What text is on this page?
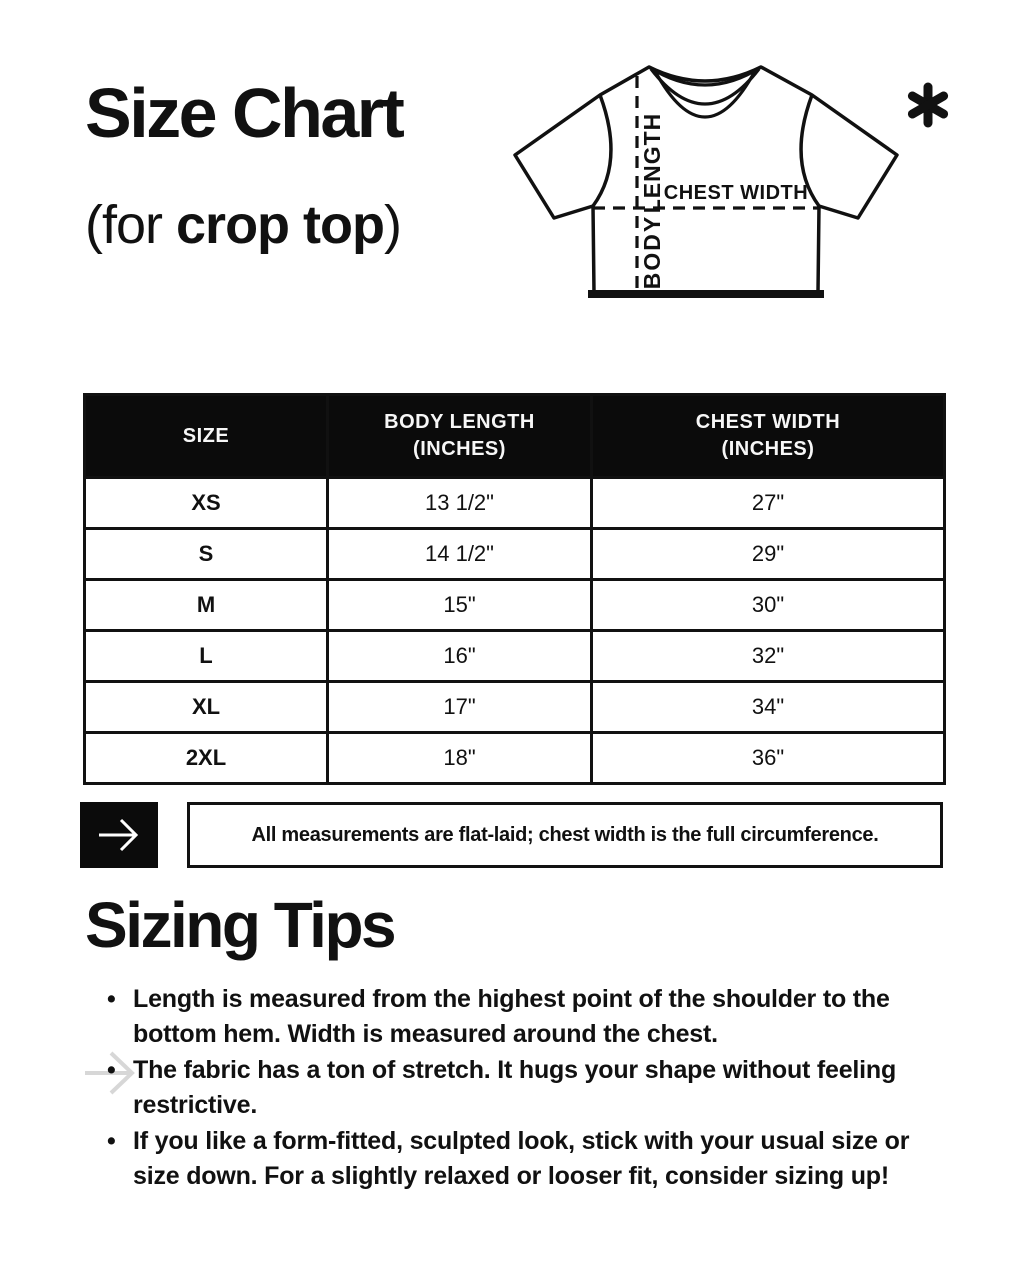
Size Chart
(for crop top)
LENGTH
BODY
CHEST WIDTH
SIZE

BODY LENGTH
(INCHES)

CHEST WIDTH
(INCHES)

XS	13 1/2"	27"
S	14 1/2"	29"
M	15"	30"
L	16"	32"
XL	17"	34"
2XL	18"	36"
All measurements are flat-laid; chest width is the full circumference.
Sizing Tips
• Length is measured from the highest point of the shoulder to the bottom hem. Width is measured around the chest.
• The fabric has a ton of stretch. It hugs your shape without feeling restrictive.
• If you like a form-fitted, sculpted look, stick with your usual size or size down. For a slightly relaxed or looser fit, consider sizing up!
